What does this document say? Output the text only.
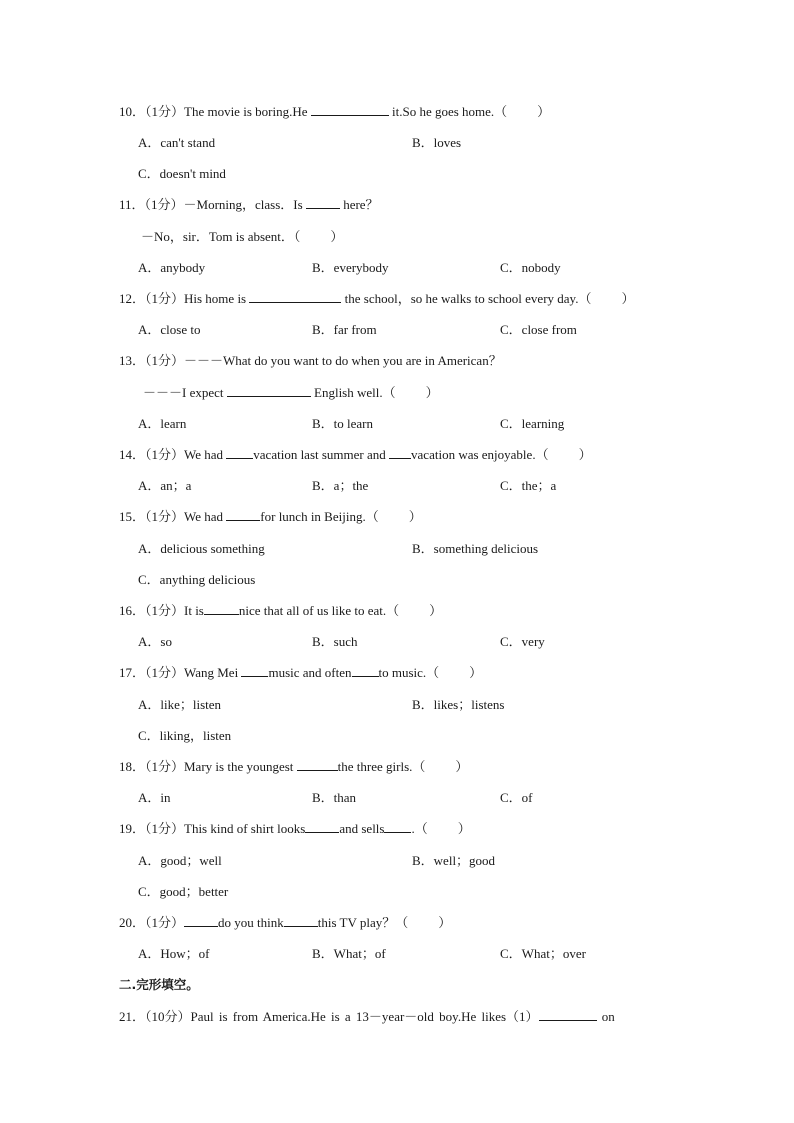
10．（1分）The movie is boring.He	it.So he goes home.（ ）
A．can't stand	B．loves
C．doesn't mind
11．（1分）－Morning，class．Is	here？
－No，sir．Tom is absent．（ ）
A．anybody	B．everybody	C．nobody
12．（1分）His home is	the school，so he walks to school every day.（ ）
A．close to	B．far from	C．close from
13．（1分）－－－What do you want to do when you are in American？
－－－I expect	English well.（ ）
A．learn	B．to learn	C．learning
14．（1分）We had vacation last summer and vacation was enjoyable.（ ）
A．an；a	B．a；the	C．the；a
15．（1分）We had	for lunch in Beijing.（ ）
A．delicious something	B．something delicious
C．anything delicious
16．（1分）It is	nice that all of us like to eat.（ ）
A．so	B．such	C．very
17．（1分）Wang Mei music and often to music.（ ）
A．like；listen	B．likes；listens
C．liking，listen
18．（1分）Mary is the youngest	the three girls.（ ）
A．in	B．than	C．of
19．（1分）This kind of shirt looks	and sells .（ ）
A．good；well	B．well；good
C．good；better
20．（1分）	do you think	this TV play？（ ）
A．How；of	B．What；of	C．What；over
二.完形填空。
21．（10分）Paul is from America.He is a 13－year－old boy.He likes（1）	on
